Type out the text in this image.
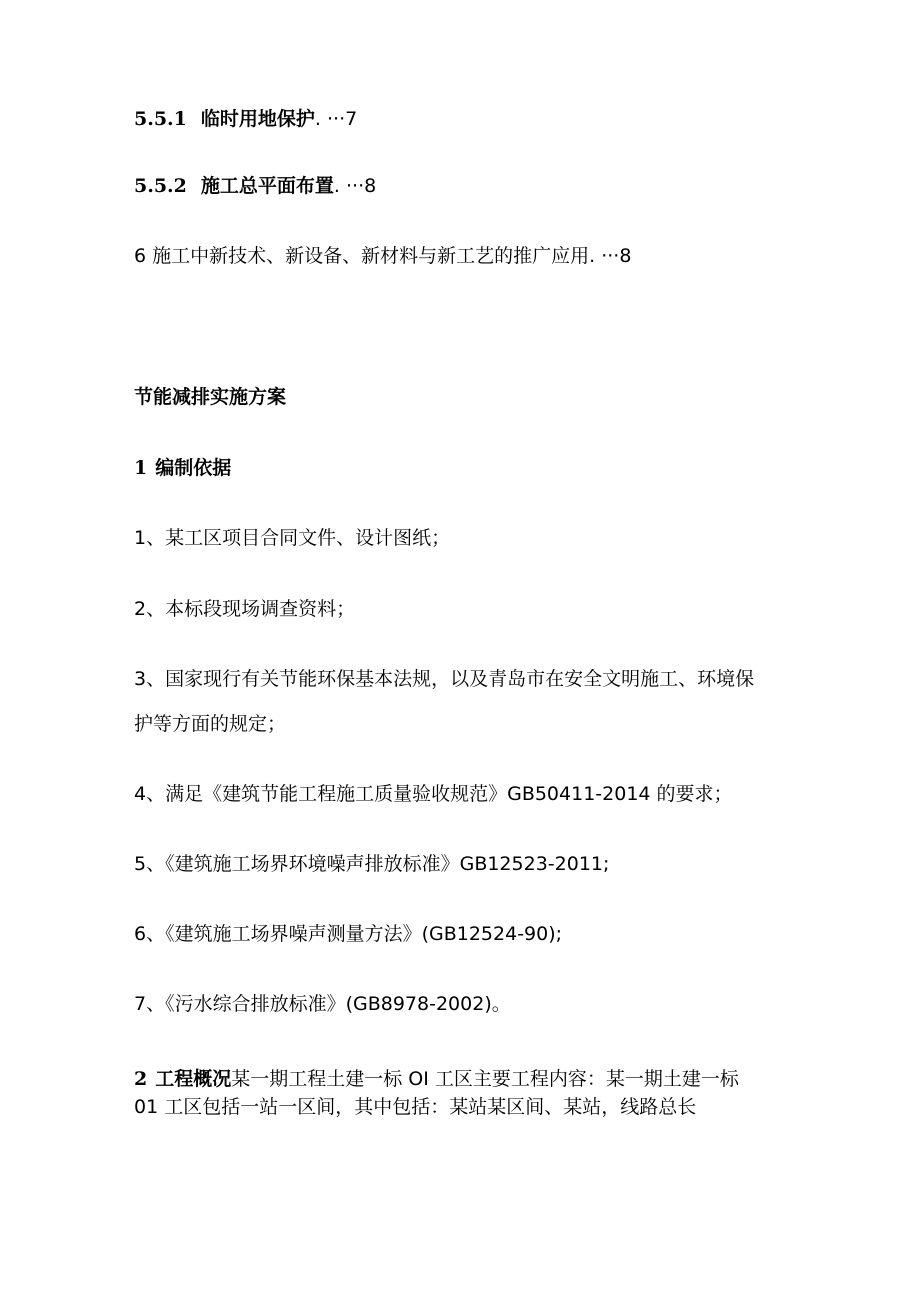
5.5.1 临时用地保护. ···7
5.5.2 施工总平面布置. ···8
6 施工中新技术、新设备、新材料与新工艺的推广应用. ···8
节能减排实施方案
1 编制依据
1、某工区项目合同文件、设计图纸；
2、本标段现场调查资料；
3、国家现行有关节能环保基本法规，以及青岛市在安全文明施工、环境保
护等方面的规定；
4、满足《建筑节能工程施工质量验收规范》GB50411-2014 的要求；
5、《建筑施工场界环境噪声排放标准》GB12523-2011;
6、《建筑施工场界噪声测量方法》(GB12524-90);
7、《污水综合排放标准》(GB8978-2002)。
2 工程概况某一期工程土建一标 OI 工区主要工程内容：某一期土建一标
01 工区包括一站一区间，其中包括：某站某区间、某站，线路总长
